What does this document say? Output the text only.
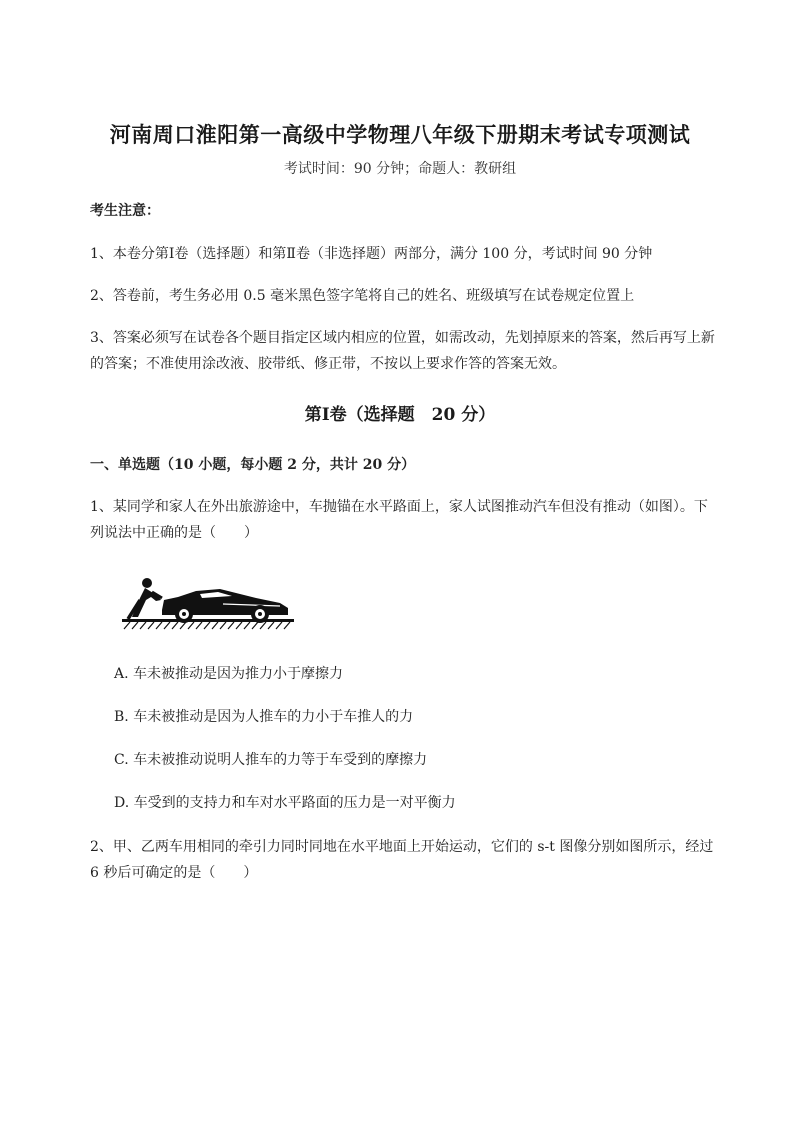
河南周口淮阳第一高级中学物理八年级下册期末考试专项测试
考试时间：90 分钟；命题人：教研组
考生注意：
1、本卷分第Ⅰ卷（选择题）和第Ⅱ卷（非选择题）两部分，满分 100 分，考试时间 90 分钟
2、答卷前，考生务必用 0.5 毫米黑色签字笔将自己的姓名、班级填写在试卷规定位置上
3、答案必须写在试卷各个题目指定区域内相应的位置，如需改动，先划掉原来的答案，然后再写上新
的答案；不准使用涂改液、胶带纸、修正带，不按以上要求作答的答案无效。
第Ⅰ卷（选择题　20 分）
一、单选题（10 小题，每小题 2 分，共计 20 分）
1、某同学和家人在外出旅游途中，车抛锚在水平路面上，家人试图推动汽车但没有推动（如图）。下
列说法中正确的是（　　）
A. 车未被推动是因为推力小于摩擦力
B. 车未被推动是因为人推车的力小于车推人的力
C. 车未被推动说明人推车的力等于车受到的摩擦力
D. 车受到的支持力和车对水平路面的压力是一对平衡力
2、甲、乙两车用相同的牵引力同时同地在水平地面上开始运动，它们的 s-t 图像分别如图所示，经过
6 秒后可确定的是（　　）
